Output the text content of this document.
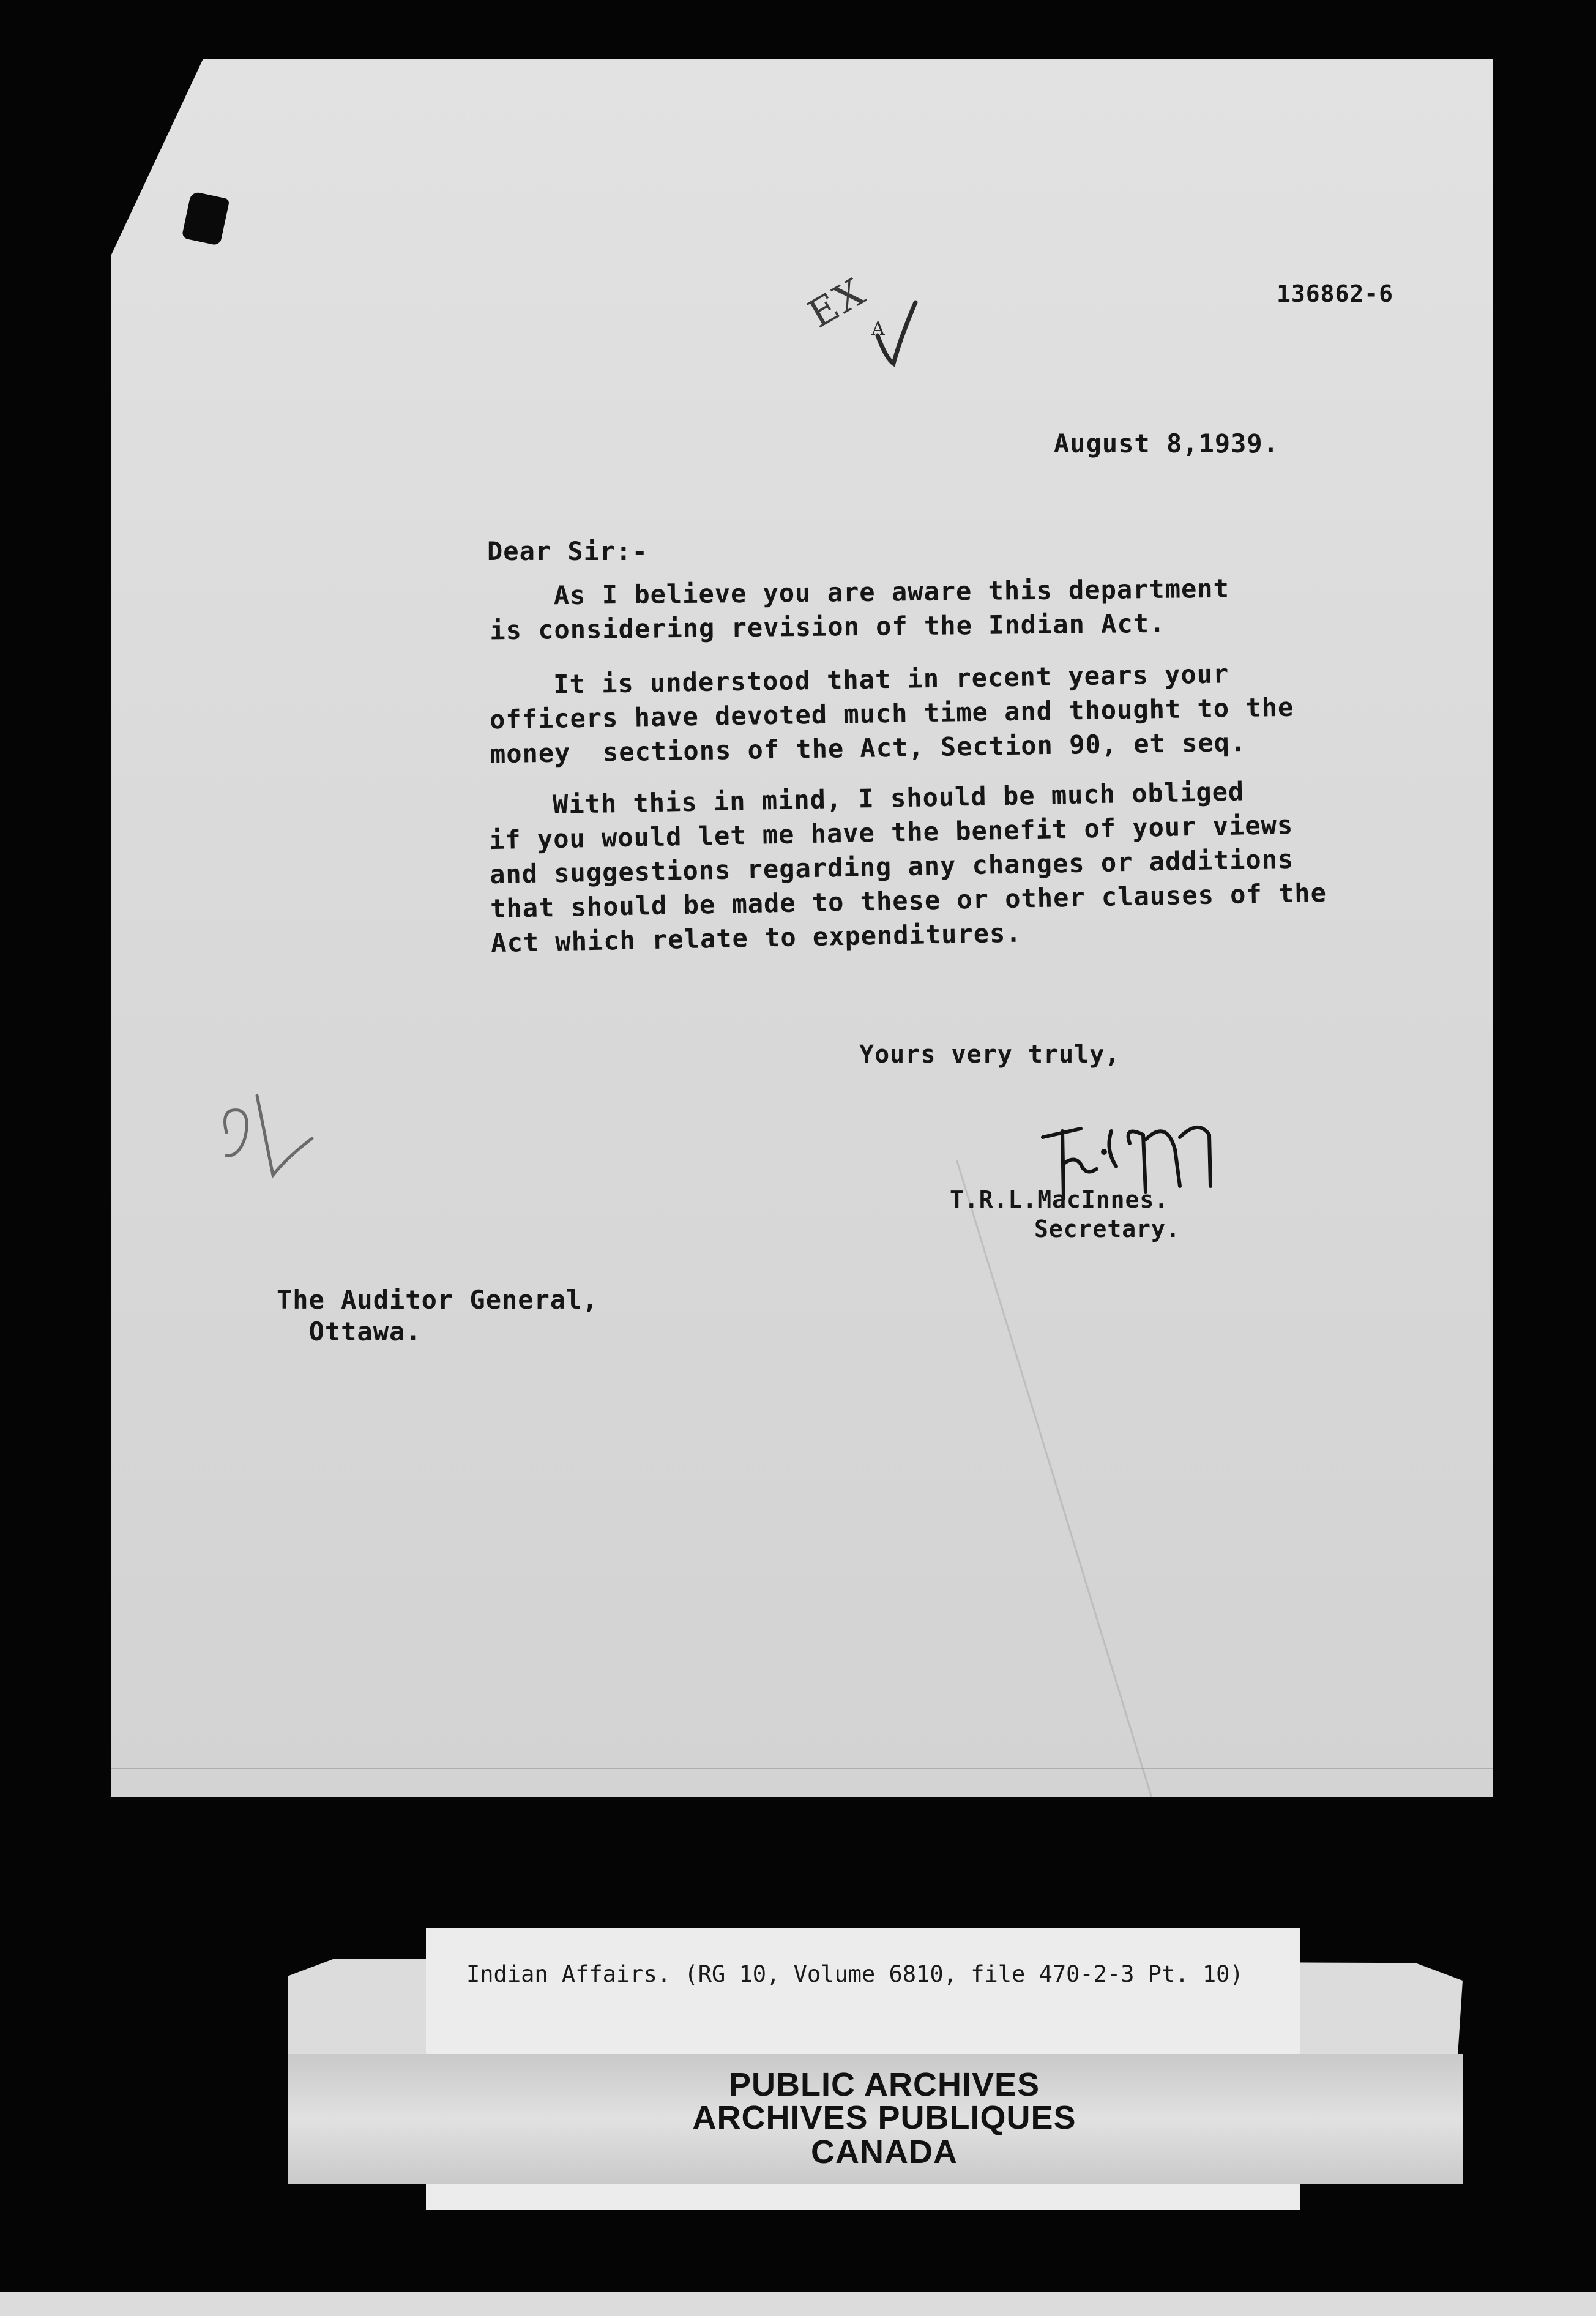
EX
A
136862-6
August 8,1939.
Dear Sir:-
As I believe you are aware this department
is considering revision of the Indian Act.
It is understood that in recent years your
officers have devoted much time and thought to the
money  sections of the Act, Section 90, et seq.
With this in mind, I should be much obliged
if you would let me have the benefit of your views
and suggestions regarding any changes or additions
that should be made to these or other clauses of the
Act which relate to expenditures.
Yours very truly,
T.R.L.MacInnes.
Secretary.
The Auditor General,
Ottawa.
Indian Affairs. (RG 10, Volume 6810, file 470-2-3 Pt. 10)
PUBLIC ARCHIVES
ARCHIVES PUBLIQUES
CANADA
